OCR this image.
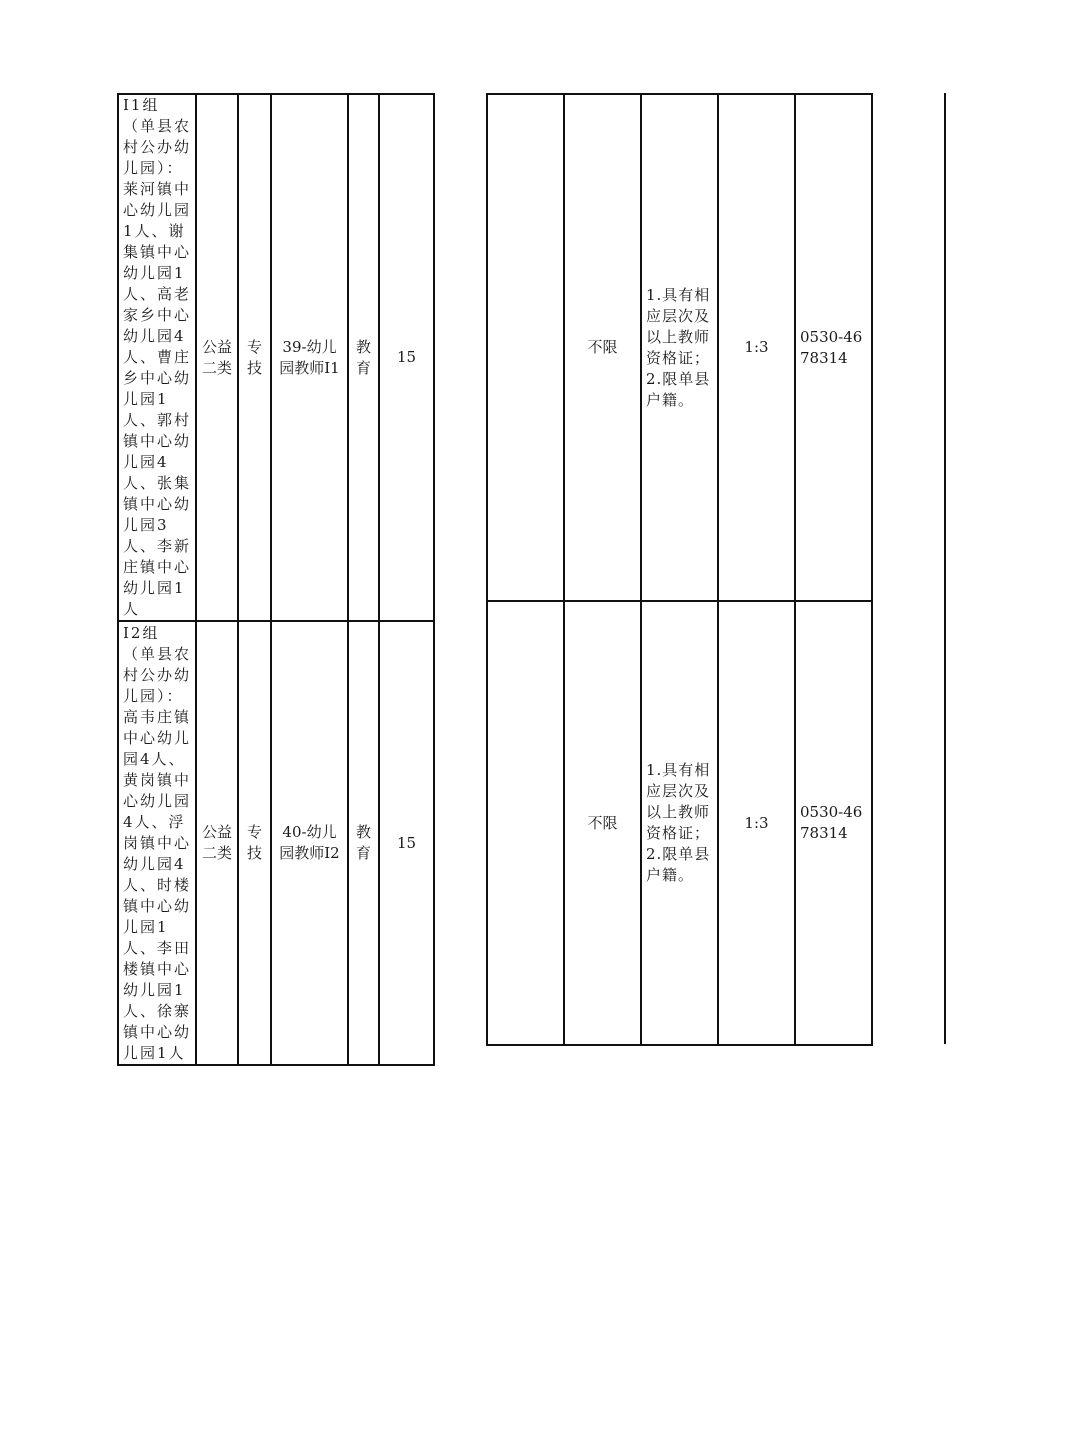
I1组（单县农村公办幼儿园）：莱河镇中心幼儿园1人、谢集镇中心幼儿园1人、高老家乡中心幼儿园4人、曹庄乡中心幼儿园1人、郭村镇中心幼儿园4人、张集镇中心幼儿园3人、李新庄镇中心幼儿园1人	公益二类	专技	39-幼儿园教师I1	教育	15

I2组（单县农村公办幼儿园）：高韦庄镇中心幼儿园4人、黄岗镇中心幼儿园4人、浮岗镇中心幼儿园4人、时楼镇中心幼儿园1人、李田楼镇中心幼儿园1人、徐寨镇中心幼儿园1人	公益二类	专技	40-幼儿园教师I2	教育	15

	不限	1.具有相应层次及以上教师资格证；2.限单县户籍。	1:3	0530-4678314

	不限	1.具有相应层次及以上教师资格证；2.限单县户籍。	1:3	0530-4678314
